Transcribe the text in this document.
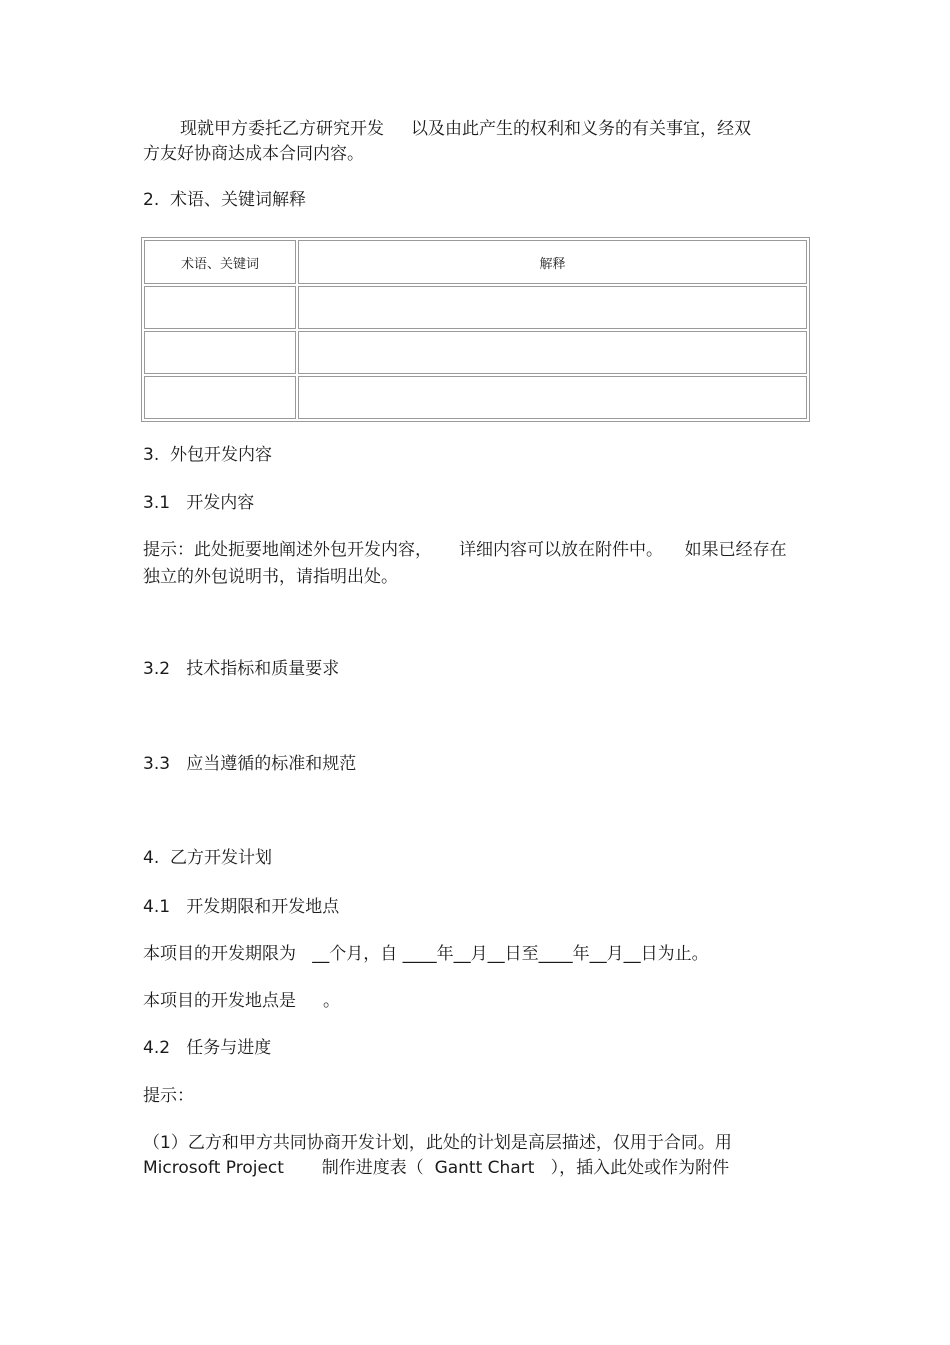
现就甲方委托乙方研究开发     以及由此产生的权利和义务的有关事宜，经双
方友好协商达成本合同内容。
2.  术语、关键词解释
术语、关键词	解释

3.  外包开发内容
3.1   开发内容
提示：此处扼要地阐述外包开发内容，     详细内容可以放在附件中。    如果已经存在
独立的外包说明书，请指明出处。
3.2   技术指标和质量要求
3.3   应当遵循的标准和规范
4.  乙方开发计划
4.1   开发期限和开发地点
本项目的开发期限为   __个月，自 ____年__月__日至____年__月__日为止。
本项目的开发地点是     。
4.2   任务与进度
提示：
（1）乙方和甲方共同协商开发计划，此处的计划是高层描述，仅用于合同。用
Microsoft Project       制作进度表（  Gantt Chart   ），插入此处或作为附件
